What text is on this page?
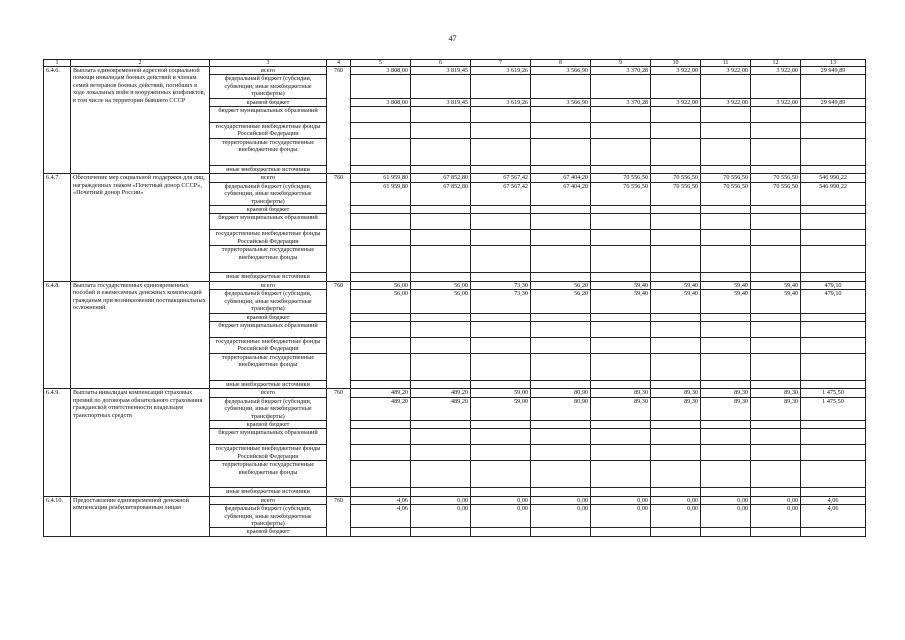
47
1	2	3	4	5	6	7	8	9	10	11	12	13
6.4.6.	Выплата единовременной адресной социальной помощи инвалидам боевых действий и членам семей ветеранов боевых действий, погибших в ходе локальных войн и вооруженных конфликтов, в том числе на территории бывшего СССР	всего	760	3 808,00	3 819,45	3 619,26	3 566,90	3 370,28	3 922,00	3 922,00	3 922,00	29 949,89
		федеральный бюджет (субсидии, субвенции, иные межбюджетные трансферты)										
		краевой бюджет		3 808,00	3 819,45	3 619,26	3 566,90	3 370,28	3 922,00	3 922,00	3 922,00	29 949,89
		бюджет муниципальных образований										
		государственные внебюджетные фонды Российской Федерации										
		территориальные государственные внебюджетные фонды										
		иные внебюджетные источники										
6.4.7.	Обеспечение мер социальной поддержки для лиц, награжденных знаком «Почетный донор СССР», «Почетный донор России»	всего	760	61 959,80	67 852,80	67 567,42	67 404,20	70 556,50	70 556,50	70 556,50	70 556,50	546 990,22
		федеральный бюджет (субсидии, субвенции, иные межбюджетные трансферты)		61 959,80	67 852,80	67 567,42	67 404,20	70 556,50	70 556,50	70 556,50	70 556,50	546 990,22
		краевой бюджет										
		бюджет муниципальных образований										
		государственные внебюджетные фонды Российской Федерации										
		территориальные государственные внебюджетные фонды										
		иные внебюджетные источники										
6.4.8.	Выплата государственных единовременных пособий и ежемесячных денежных компенсаций гражданам при возникновении поствакцинальных осложнений	всего	760	56,00	56,00	73,30	56,20	59,40	59,40	59,40	59,40	479,10
		федеральный бюджет (субсидии, субвенции, иные межбюджетные трансферты)		56,00	56,00	73,30	56,20	59,40	59,40	59,40	59,40	479,10
		краевой бюджет										
		бюджет муниципальных образований										
		государственные внебюджетные фонды Российской Федерации										
		территориальные государственные внебюджетные фонды										
		иные внебюджетные источники										
6.4.9.	Выплаты инвалидам компенсаций страховых премий по договорам обязательного страхования гражданской ответственности владельцев транспортных средств	всего	760	489,20	489,20	59,00	80,90	89,30	89,30	89,30	89,30	1 475,50
		федеральный бюджет (субсидии, субвенции, иные межбюджетные трансферты)		489,20	489,20	59,00	80,90	89,30	89,30	89,30	89,30	1 475,50
		краевой бюджет										
		бюджет муниципальных образований										
		государственные внебюджетные фонды Российской Федерации										
		территориальные государственные внебюджетные фонды										
		иные внебюджетные источники										
6.4.10.	Предоставление единовременной денежной компенсации реабилитированным лицам	всего	760	4,06	0,00	0,00	0,00	0,00	0,00	0,00	0,00	4,06
		федеральный бюджет (субсидии, субвенции, иные межбюджетные трансферты)		4,06	0,00	0,00	0,00	0,00	0,00	0,00	0,00	4,06
		краевой бюджет										
